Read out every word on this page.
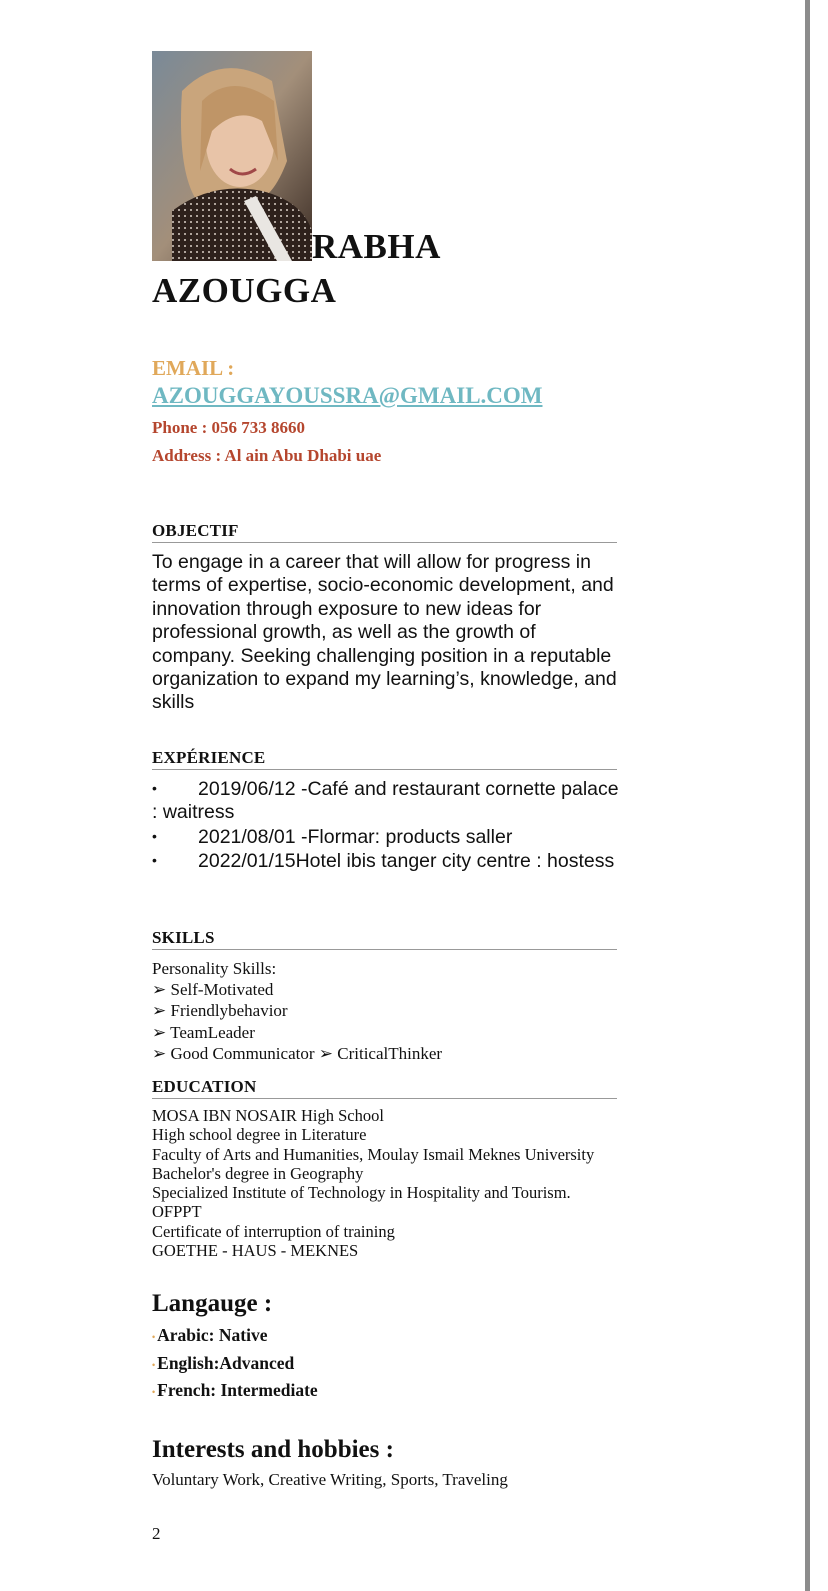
RABHA
AZOUGGA
EMAIL :
AZOUGGAYOUSSRA@GMAIL.COM
Phone : 056 733 8660
Address : Al ain Abu Dhabi uae
OBJECTIF
To engage in a career that will allow for progress in terms of expertise, socio-economic development, and innovation through exposure to new ideas for professional growth, as well as the growth of company. Seeking challenging position in a reputable organization to expand my learning’s, knowledge, and skills
EXPÉRIENCE
• 2019/06/12 -Café and restaurant cornette palace : waitress
• 2021/08/01 -Flormar: products saller
• 2022/01/15Hotel ibis tanger city centre : hostess
SKILLS
Personality Skills:
➢ Self-Motivated
➢ Friendlybehavior
➢ TeamLeader
➢ Good Communicator ➢ CriticalThinker
EDUCATION
MOSA IBN NOSAIR High School
High school degree in Literature
Faculty of Arts and Humanities, Moulay Ismail Meknes University
Bachelor's degree in Geography
Specialized Institute of Technology in Hospitality and Tourism.
OFPPT
Certificate of interruption of training
GOETHE - HAUS - MEKNES
Langauge :
• Arabic: Native
• English:Advanced
• French: Intermediate
Interests and hobbies :
Voluntary Work, Creative Writing, Sports, Traveling
2
